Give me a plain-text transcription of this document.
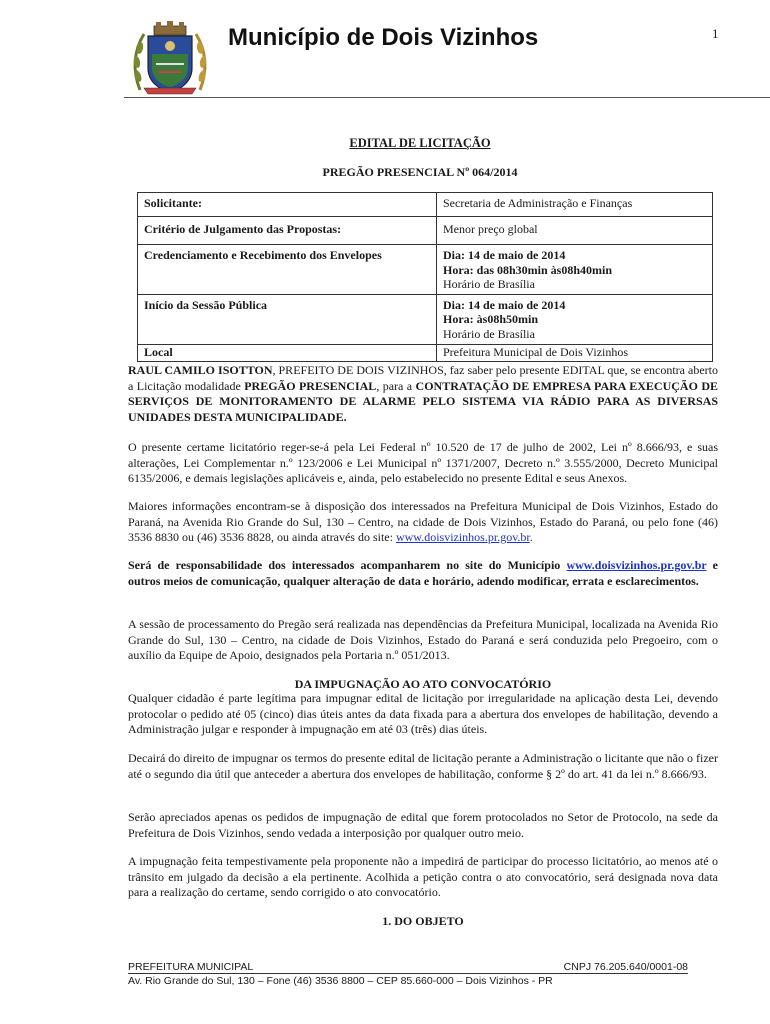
Município de Dois Vizinhos	1
EDITAL DE LICITAÇÃO
PREGÃO PRESENCIAL Nº 064/2014
Solicitante:	Secretaria de Administração e Finanças
Critério de Julgamento das Propostas:	Menor preço global
Credenciamento e Recebimento dos Envelopes	Dia: 14 de maio de 2014
Hora: das 08h30min às08h40min
Horário de Brasília

Início da Sessão Pública	Dia: 14 de maio de 2014
Hora: às08h50min
Horário de Brasília

Local	Prefeitura Municipal de Dois Vizinhos

RAUL CAMILO ISOTTON, PREFEITO DE DOIS VIZINHOS, faz saber pelo presente EDITAL que, se encontra aberto a Licitação modalidade PREGÃO PRESENCIAL, para a CONTRATAÇÃO DE EMPRESA PARA EXECUÇÃO DE SERVIÇOS DE MONITORAMENTO DE ALARME PELO SISTEMA VIA RÁDIO PARA AS DIVERSAS UNIDADES DESTA MUNICIPALIDADE.

O presente certame licitatório reger-se-á pela Lei Federal nº 10.520 de 17 de julho de 2002, Lei nº 8.666/93, e suas alterações, Lei Complementar n.º 123/2006 e Lei Municipal nº 1371/2007, Decreto n.º 3.555/2000, Decreto Municipal 6135/2006, e demais legislações aplicáveis e, ainda, pelo estabelecido no presente Edital e seus Anexos.

Maiores informações encontram-se à disposição dos interessados na Prefeitura Municipal de Dois Vizinhos, Estado do Paraná, na Avenida Rio Grande do Sul, 130 – Centro, na cidade de Dois Vizinhos, Estado do Paraná, ou pelo fone (46) 3536 8830 ou (46) 3536 8828, ou ainda através do site: www.doisvizinhos.pr.gov.br.

Será de responsabilidade dos interessados acompanharem no site do Município www.doisvizinhos.pr.gov.br e outros meios de comunicação, qualquer alteração de data e horário, adendo modificar, errata e esclarecimentos.

A sessão de processamento do Pregão será realizada nas dependências da Prefeitura Municipal, localizada na Avenida Rio Grande do Sul, 130 – Centro, na cidade de Dois Vizinhos, Estado do Paraná e será conduzida pelo Pregoeiro, com o auxílio da Equipe de Apoio, designados pela Portaria n.º 051/2013.

DA IMPUGNAÇÃO AO ATO CONVOCATÓRIO

Qualquer cidadão é parte legítima para impugnar edital de licitação por irregularidade na aplicação desta Lei, devendo protocolar o pedido até 05 (cinco) dias úteis antes da data fixada para a abertura dos envelopes de habilitação, devendo a Administração julgar e responder à impugnação em até 03 (três) dias úteis.

Decairá do direito de impugnar os termos do presente edital de licitação perante a Administração o licitante que não o fizer até o segundo dia útil que anteceder a abertura dos envelopes de habilitação, conforme § 2º do art. 41 da lei n.º 8.666/93.

Serão apreciados apenas os pedidos de impugnação de edital que forem protocolados no Setor de Protocolo, na sede da Prefeitura de Dois Vizinhos, sendo vedada a interposição por qualquer outro meio.

A impugnação feita tempestivamente pela proponente não a impedirá de participar do processo licitatório, ao menos até o trânsito em julgado da decisão a ela pertinente. Acolhida a petição contra o ato convocatório, será designada nova data para a realização do certame, sendo corrigido o ato convocatório.

1. DO OBJETO
PREFEITURA MUNICIPAL	CNPJ 76.205.640/0001-08
Av. Rio Grande do Sul, 130 – Fone (46) 3536 8800 – CEP 85.660-000 – Dois Vizinhos - PR
